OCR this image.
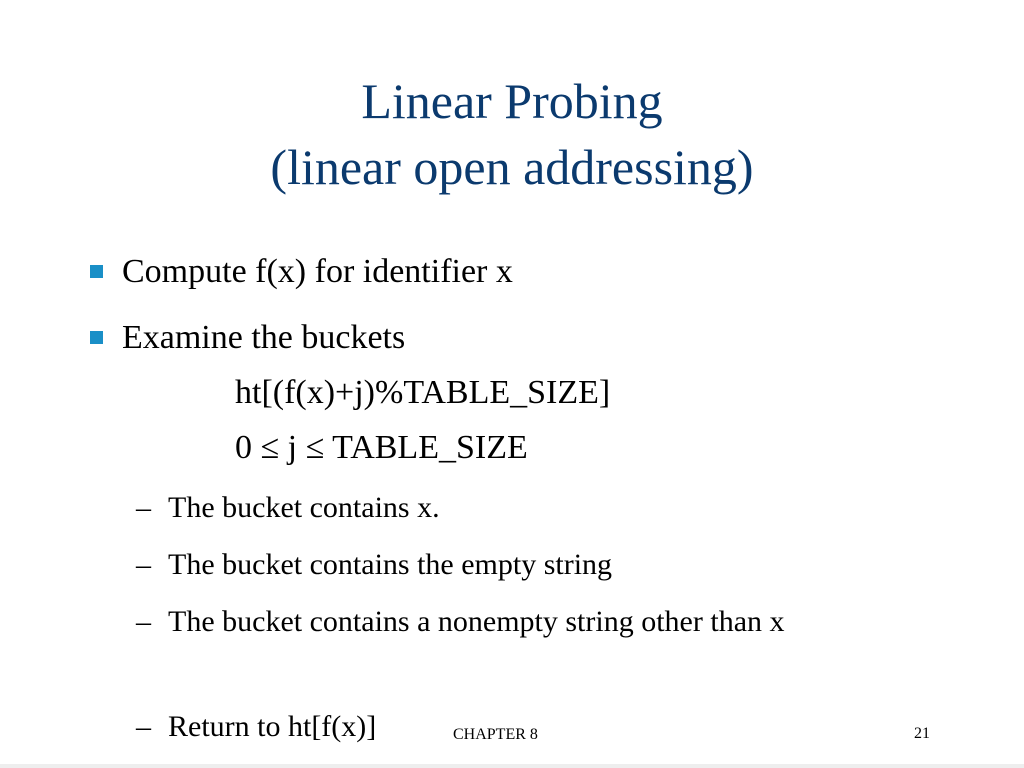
Linear Probing
(linear open addressing)
Compute f(x) for identifier x
Examine the buckets
ht[(f(x)+j)%TABLE_SIZE]
0 ≤ j ≤ TABLE_SIZE
– The bucket contains x.
– The bucket contains the empty string
– The bucket contains a nonempty string other than x
– Return to ht[f(x)]	CHAPTER 8	21
